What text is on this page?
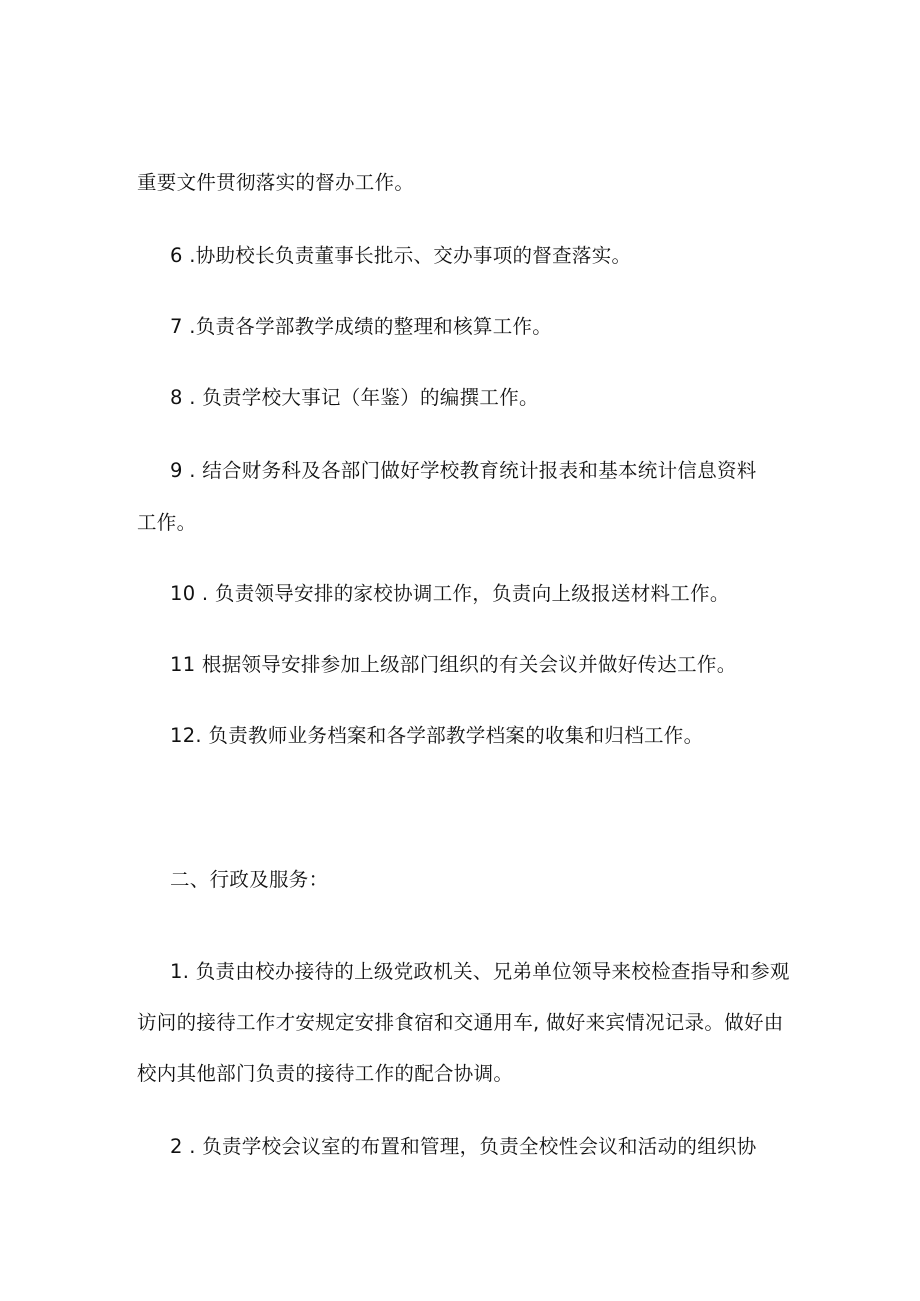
重要文件贯彻落实的督办工作。
6 .协助校长负责董事长批示、交办事项的督查落实。
7 .负责各学部教学成绩的整理和核算工作。
8 . 负责学校大事记（年鉴）的编撰工作。
9 . 结合财务科及各部门做好学校教育统计报表和基本统计信息资料
工作。
10 . 负责领导安排的家校协调工作，负责向上级报送材料工作。
11 根据领导安排参加上级部门组织的有关会议并做好传达工作。
12. 负责教师业务档案和各学部教学档案的收集和归档工作。
二、行政及服务：
1. 负责由校办接待的上级党政机关、兄弟单位领导来校检查指导和参观
访问的接待工作才安规定安排食宿和交通用车, 做好来宾情况记录。做好由
校内其他部门负责的接待工作的配合协调。
2 . 负责学校会议室的布置和管理，负责全校性会议和活动的组织协
